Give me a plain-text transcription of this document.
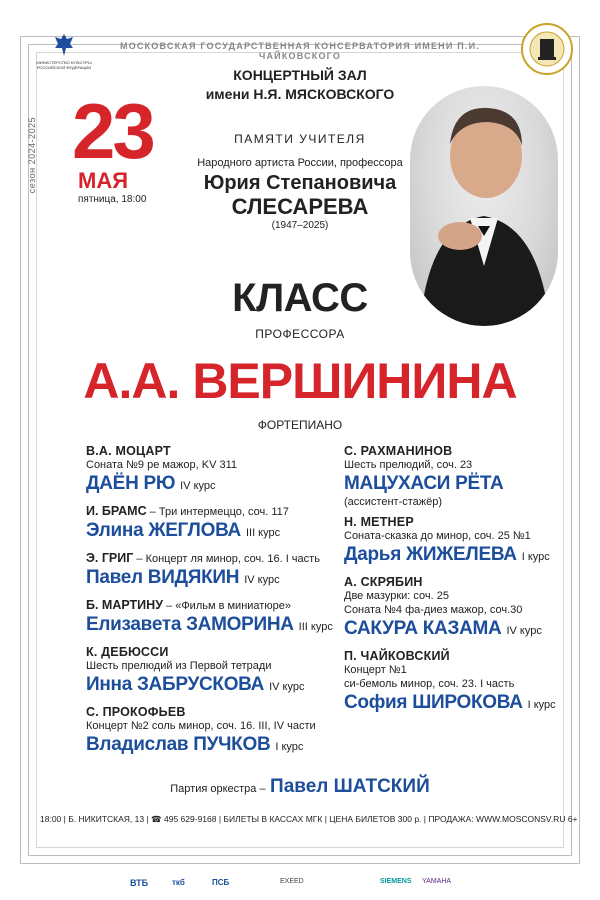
МИНИСТЕРСТВО КУЛЬТУРЫ РОССИЙСКОЙ ФЕДЕРАЦИИ
МОСКОВСКАЯ ГОСУДАРСТВЕННАЯ КОНСЕРВАТОРИЯ ИМЕНИ П.И. ЧАЙКОВСКОГО
сезон 2024-2025
КОНЦЕРТНЫЙ ЗАЛ
имени Н.Я. МЯСКОВСКОГО
23
МАЯ
пятница, 18:00
ПАМЯТИ УЧИТЕЛЯ
Народного артиста России, профессора
Юрия Степановича
СЛЕСАРЕВА
(1947–2025)
КЛАСС
ПРОФЕССОРА
А.А. ВЕРШИНИНА
ФОРТЕПИАНО
В.А. МОЦАРТ
Соната №9 ре мажор, KV 311
ДАЁН РЮ IV курс
И. БРАМС – Три интермеццо, соч. 117
Элина ЖЕГЛОВА III курс
Э. ГРИГ – Концерт ля минор, соч. 16. I часть
Павел ВИДЯКИН IV курс
Б. МАРТИНУ – «Фильм в миниатюре»
Елизавета ЗАМОРИНА III курс
К. ДЕБЮССИ
Шесть прелюдий из Первой тетради
Инна ЗАБРУСКОВА IV курс
С. ПРОКОФЬЕВ
Концерт №2 соль минор, соч. 16. III, IV части
Владислав ПУЧКОВ I курс
С. РАХМАНИНОВ
Шесть прелюдий, соч. 23
МАЦУХАСИ РЁТА
(ассистент-стажёр)
Н. МЕТНЕР
Соната-сказка до минор, соч. 25 №1
Дарья ЖИЖЕЛЕВА I курс
А. СКРЯБИН
Две мазурки: соч. 25
Соната №4 фа-диез мажор, соч.30
САКУРА КАЗАМА IV курс
П. ЧАЙКОВСКИЙ
Концерт №1
си-бемоль минор, соч. 23. I часть
София ШИРОКОВА I курс
Партия оркестра – Павел ШАТСКИЙ
18:00 | Б. НИКИТСКАЯ, 13 | ☎ 495 629-9168 | БИЛЕТЫ В КАССАХ МГК | ЦЕНА БИЛЕТОВ 300 р. | ПРОДАЖА: WWW.MOSCONSV.RU 6+
ВТБ	ткб	ПСБ	EXEED	SIEMENS YAMAHA
